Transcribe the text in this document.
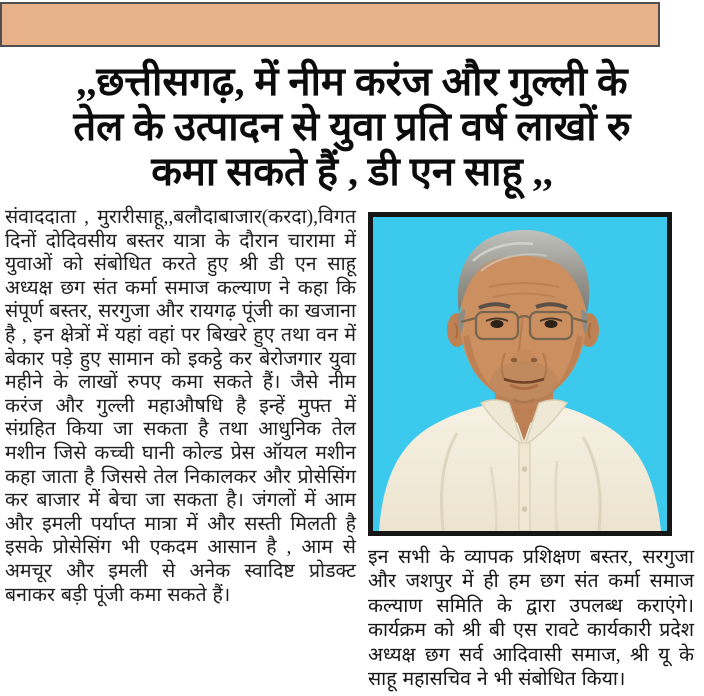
,,छत्तीसगढ़, में नीम करंज और गुल्ली के
तेल के उत्पादन से युवा प्रति वर्ष लाखों रु
कमा सकते हैं , डी एन साहू ,,
संवाददाता , मुरारीसाहू,,बलौदाबाजार(करदा),विगत दिनों दोदिवसीय बस्तर यात्रा के दौरान चारामा में युवाओं को संबोधित करते हुए श्री डी एन साहू अध्यक्ष छग संत कर्मा समाज कल्याण ने कहा कि संपूर्ण बस्तर, सरगुजा और रायगढ़ पूंजी का खजाना है , इन क्षेत्रों में यहां वहां पर बिखरे हुए तथा वन में बेकार पड़े हुए सामान को इकट्ठे कर बेरोजगार युवा महीने के लाखों रुपए कमा सकते हैं। जैसे नीम करंज और गुल्ली महाऔषधि है इन्हें मुफ्त में संग्रहित किया जा सकता है तथा आधुनिक तेल मशीन जिसे कच्ची घानी कोल्ड प्रेस ऑयल मशीन कहा जाता है जिससे तेल निकालकर और प्रोसेसिंग कर बाजार में बेचा जा सकता है। जंगलों में आम और इमली पर्याप्त मात्रा में और सस्ती मिलती है इसके प्रोसेसिंग भी एकदम आसान है , आम से अमचूर और इमली से अनेक स्वादिष्ट प्रोडक्ट बनाकर बड़ी पूंजी कमा सकते हैं।
इन सभी के व्यापक प्रशिक्षण बस्तर, सरगुजा और जशपुर में ही हम छग संत कर्मा समाज कल्याण समिति के द्वारा उपलब्ध कराएंगे। कार्यक्रम को श्री बी एस रावटे कार्यकारी प्रदेश अध्यक्ष छग सर्व आदिवासी समाज, श्री यू के साहू महासचिव ने भी संबोधित किया।
